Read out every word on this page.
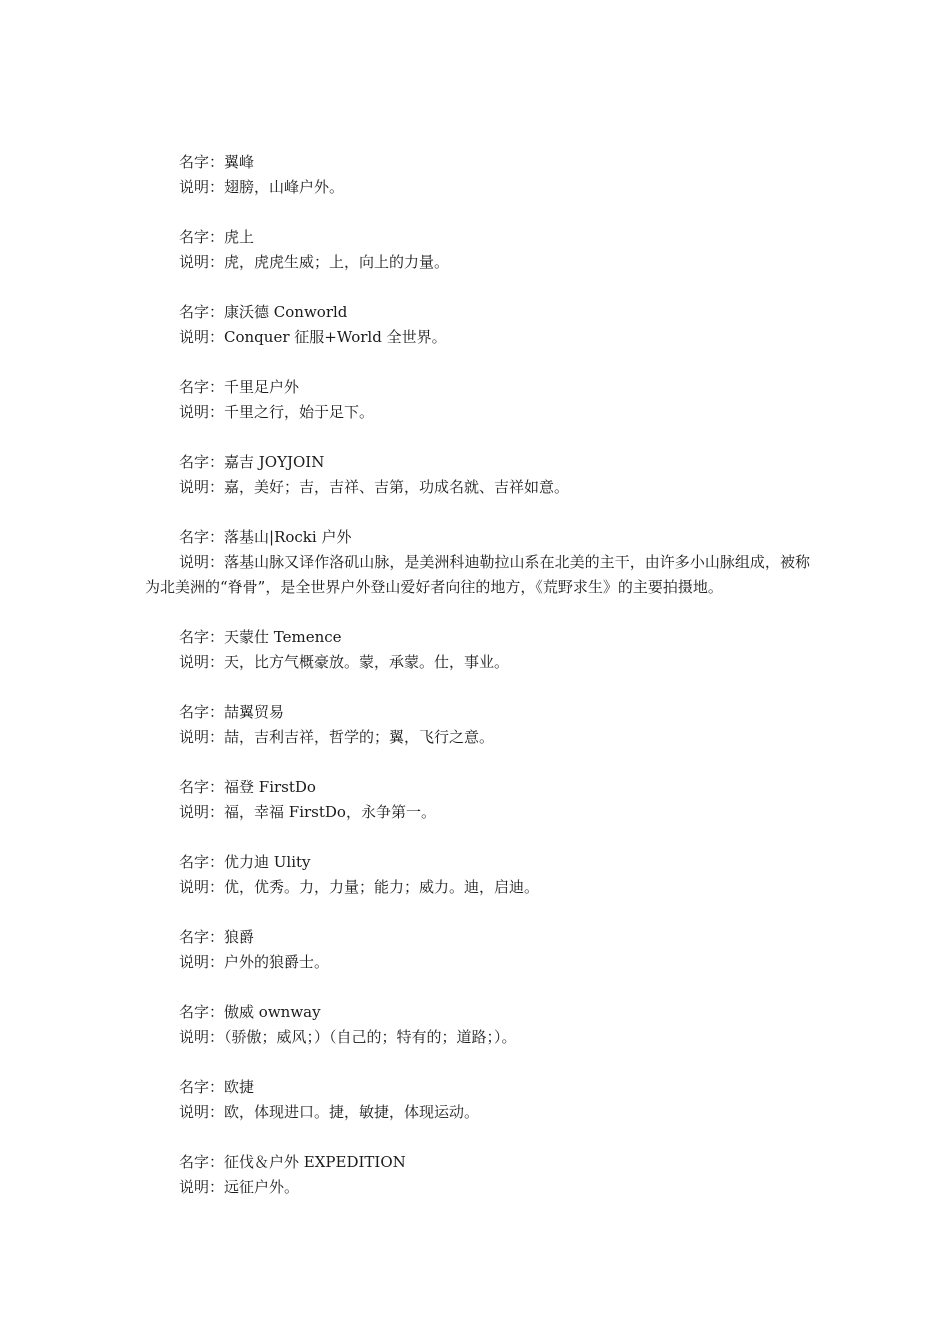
名字：翼峰
说明：翅膀，山峰户外。
名字：虎上
说明：虎，虎虎生威；上，向上的力量。
名字：康沃德 Conworld
说明：Conquer 征服+World 全世界。
名字：千里足户外
说明：千里之行，始于足下。
名字：嘉吉 JOYJOIN
说明：嘉，美好；吉，吉祥、吉第，功成名就、吉祥如意。
名字：落基山|Rocki 户外
说明：落基山脉又译作洛矶山脉，是美洲科迪勒拉山系在北美的主干，由许多小山脉组成，被称为北美洲的“脊骨”，是全世界户外登山爱好者向往的地方，《荒野求生》的主要拍摄地。
名字：天蒙仕 Temence
说明：天，比方气概豪放。蒙，承蒙。仕，事业。
名字：喆翼贸易
说明：喆，吉利吉祥，哲学的；翼，飞行之意。
名字：福登 FirstDo
说明：福，幸福 FirstDo，永争第一。
名字：优力迪 Ulity
说明：优，优秀。力，力量；能力；威力。迪，启迪。
名字：狼爵
说明：户外的狼爵士。
名字：傲威 ownway
说明：（骄傲；威风；）（自己的；特有的；道路；）。
名字：欧捷
说明：欧，体现进口。捷，敏捷，体现运动。
名字：征伐＆户外 EXPEDITION
说明：远征户外。
